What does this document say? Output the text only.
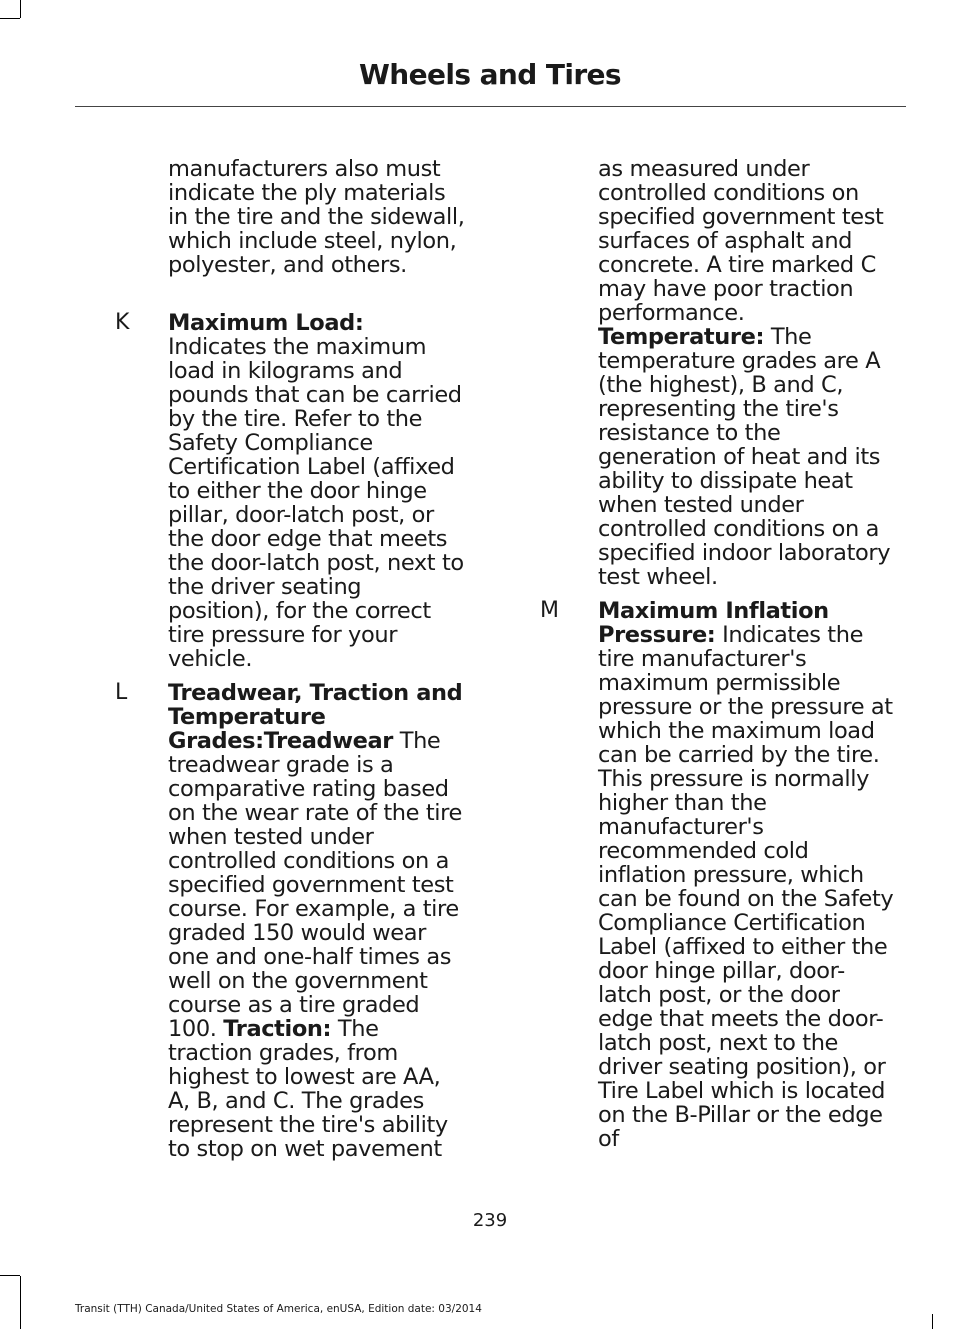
Wheels and Tires

manufacturers also must indicate the ply materials in the tire and the sidewall, which include steel, nylon, polyester, and others.

K Maximum Load:
Indicates the maximum load in kilograms and pounds that can be carried by the tire. Refer to the Safety Compliance Certification Label (affixed to either the door hinge pillar, door-latch post, or the door edge that meets the door-latch post, next to the driver seating position), for the correct tire pressure for your vehicle.

L Treadwear, Traction and Temperature Grades:Treadwear The treadwear grade is a comparative rating based on the wear rate of the tire when tested under controlled conditions on a specified government test course. For example, a tire graded 150 would wear one and one-half times as well on the government course as a tire graded 100. Traction: The traction grades, from highest to lowest are AA, A, B, and C. The grades represent the tire's ability to stop on wet pavement

as measured under controlled conditions on specified government test surfaces of asphalt and concrete. A tire marked C may have poor traction performance.
Temperature: The temperature grades are A (the highest), B and C, representing the tire's resistance to the generation of heat and its ability to dissipate heat when tested under controlled conditions on a specified indoor laboratory test wheel.

M Maximum Inflation Pressure: Indicates the tire manufacturer's maximum permissible pressure or the pressure at which the maximum load can be carried by the tire. This pressure is normally higher than the manufacturer's recommended cold inflation pressure, which can be found on the Safety Compliance Certification Label (affixed to either the door hinge pillar, door-latch post, or the door edge that meets the door-latch post, next to the driver seating position), or Tire Label which is located on the B-Pillar or the edge of

239
Transit (TTH) Canada/United States of America, enUSA, Edition date: 03/2014
